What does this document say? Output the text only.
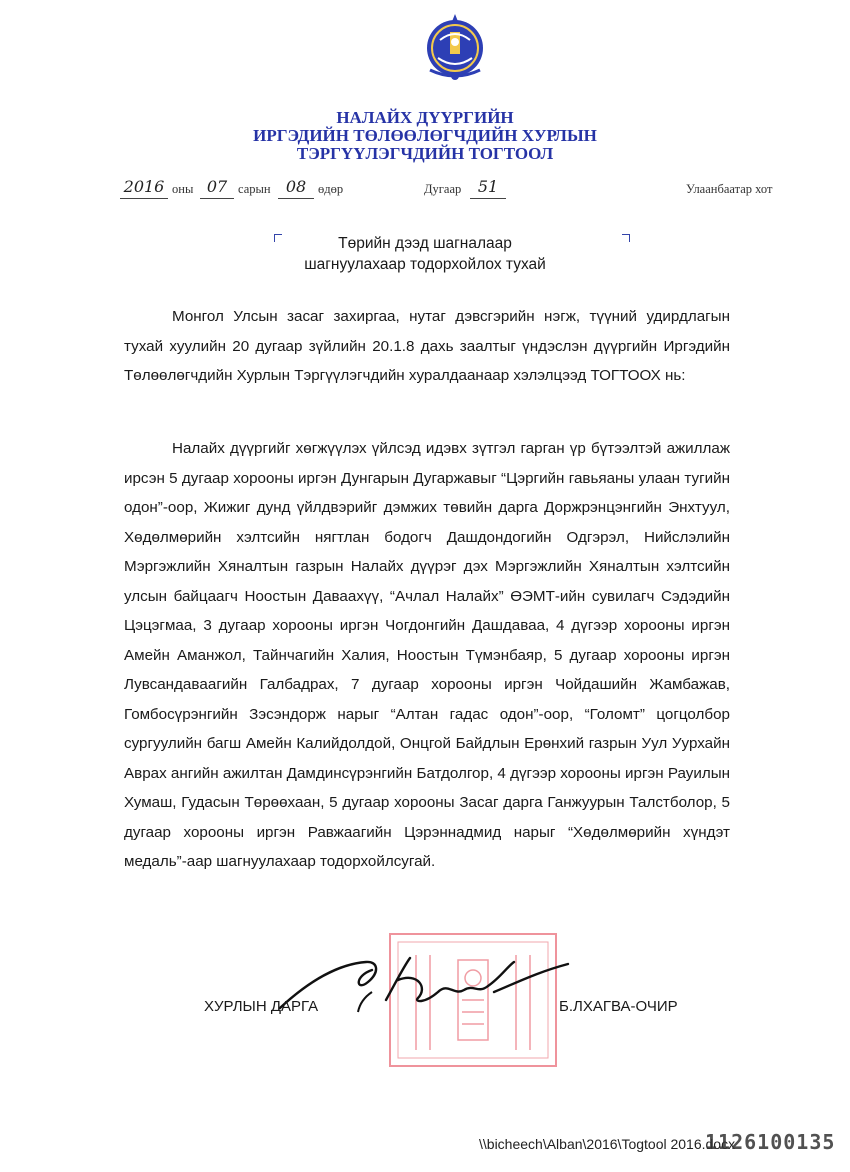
НАЛАЙХ ДҮҮРГИЙН
ИРГЭДИЙН ТӨЛӨӨЛӨГЧДИЙН ХУРЛЫН
ТЭРГҮҮЛЭГЧДИЙН ТОГТООЛ
2016 оны 07 сарын 08 өдөр	Дугаар	51	Улаанбаатар хот
Төрийн дээд шагналаар
шагнуулахаар тодорхойлох тухай

Монгол Улсын засаг захиргаа, нутаг дэвсгэрийн нэгж, түүний удирдлагын тухай хуулийн 20 дугаар зүйлийн 20.1.8 дахь заалтыг үндэслэн дүүргийн Иргэдийн Төлөөлөгчдийн Хурлын Тэргүүлэгчдийн хуралдаанаар хэлэлцээд ТОГТООХ нь:

Налайх дүүргийг хөгжүүлэх үйлсэд идэвх зүтгэл гарган үр бүтээлтэй ажиллаж ирсэн 5 дугаар хорооны иргэн Дунгарын Дугаржавыг “Цэргийн гавьяаны улаан тугийн одон”-оор, Жижиг дунд үйлдвэрийг дэмжих төвийн дарга Доржрэнцэнгийн Энхтуул, Хөдөлмөрийн хэлтсийн нягтлан бодогч Дашдондогийн Одгэрэл, Нийслэлийн Мэргэжлийн Хяналтын газрын Налайх дүүрэг дэх Мэргэжлийн Хяналтын хэлтсийн улсын байцаагч Ноостын Даваахүү, “Ачлал Налайх” ӨЭМТ-ийн сувилагч Сэдэдийн Цэцэгмаа, 3 дугаар хорооны иргэн Чогдонгийн Дашдаваа, 4 дүгээр хорооны иргэн Амейн Аманжол, Тайнчагийн Халия, Ноостын Түмэнбаяр, 5 дугаар хорооны иргэн Лувсандавaагийн Галбадрах, 7 дугаар хорооны иргэн Чойдашийн Жамбажав, Гомбосүрэнгийн Зэсэндорж нарыг “Алтан гадас одон”-оор, “Голомт” цогцолбор сургуулийн багш Амейн Калийдолдой, Онцгой Байдлын Ерөнхий газрын Уул Уурхайн Аврах ангийн ажилтан Дамдинсүрэнгийн Батдолгор, 4 дүгээр хорооны иргэн Рауилын Хумаш, Гудасын Төрөөхаан, 5 дугаар хорооны Засаг дарга Ганжуурын Талстболор, 5 дугаар хорооны иргэн Равжаагийн Цэрэннадмид нарыг “Хөдөлмөрийн хүндэт медаль”-аар шагнуулахаар тодорхойлсугай.

ХУРЛЫН ДАРГА	Б.ЛХАГВА-ОЧИР
\\bicheech\Alban\2016\Togtool 2016.docx
1126100135
